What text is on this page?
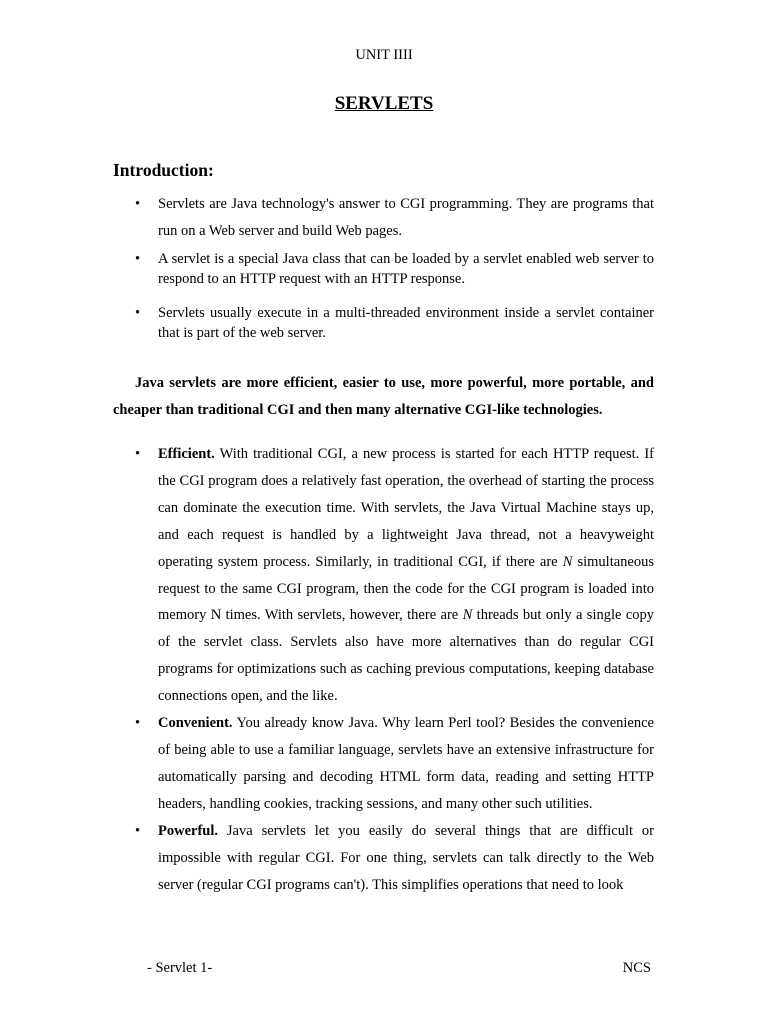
UNIT IIII
SERVLETS
Introduction:
• Servlets are Java technology's answer to CGI programming. They are programs that run on a Web server and build Web pages.
• A servlet is a special Java class that can be loaded by a servlet enabled web server to respond to an HTTP request with an HTTP response.
• Servlets usually execute in a multi-threaded environment inside a servlet container that is part of the web server.

Java servlets are more efficient, easier to use, more powerful, more portable, and cheaper than traditional CGI and then many alternative CGI-like technologies.

• Efficient. With traditional CGI, a new process is started for each HTTP request. If the CGI program does a relatively fast operation, the overhead of starting the process can dominate the execution time. With servlets, the Java Virtual Machine stays up, and each request is handled by a lightweight Java thread, not a heavyweight operating system process. Similarly, in traditional CGI, if there are N simultaneous request to the same CGI program, then the code for the CGI program is loaded into memory N times. With servlets, however, there are N threads but only a single copy of the servlet class. Servlets also have more alternatives than do regular CGI programs for optimizations such as caching previous computations, keeping database connections open, and the like.
• Convenient. You already know Java. Why learn Perl tool? Besides the convenience of being able to use a familiar language, servlets have an extensive infrastructure for automatically parsing and decoding HTML form data, reading and setting HTTP headers, handling cookies, tracking sessions, and many other such utilities.
• Powerful. Java servlets let you easily do several things that are difficult or impossible with regular CGI. For one thing, servlets can talk directly to the Web server (regular CGI programs can't). This simplifies operations that need to look
- Servlet 1-	NCS
